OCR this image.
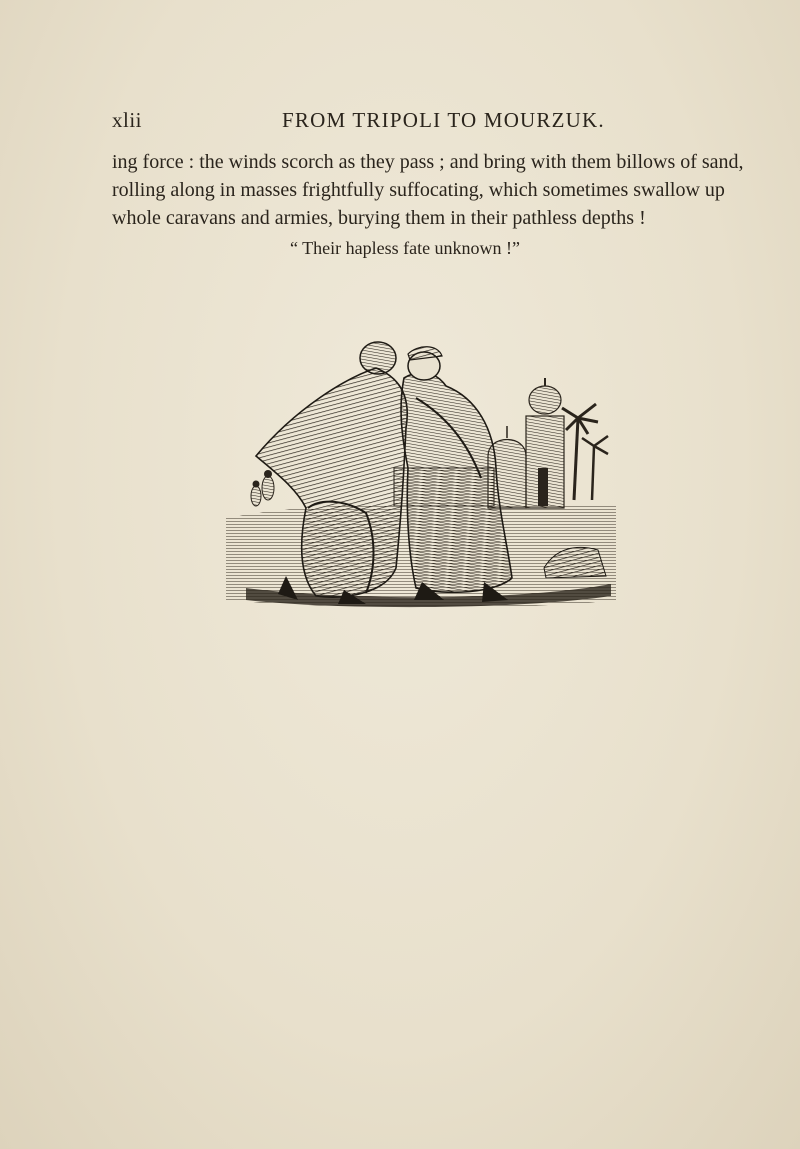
xlii	FROM TRIPOLI TO MOURZUK.
ing force : the winds scorch as they pass ; and bring with them billows of sand,
rolling along in masses frightfully suffocating, which sometimes swallow up
whole caravans and armies, burying them in their pathless depths !
“ Their hapless fate unknown !”
